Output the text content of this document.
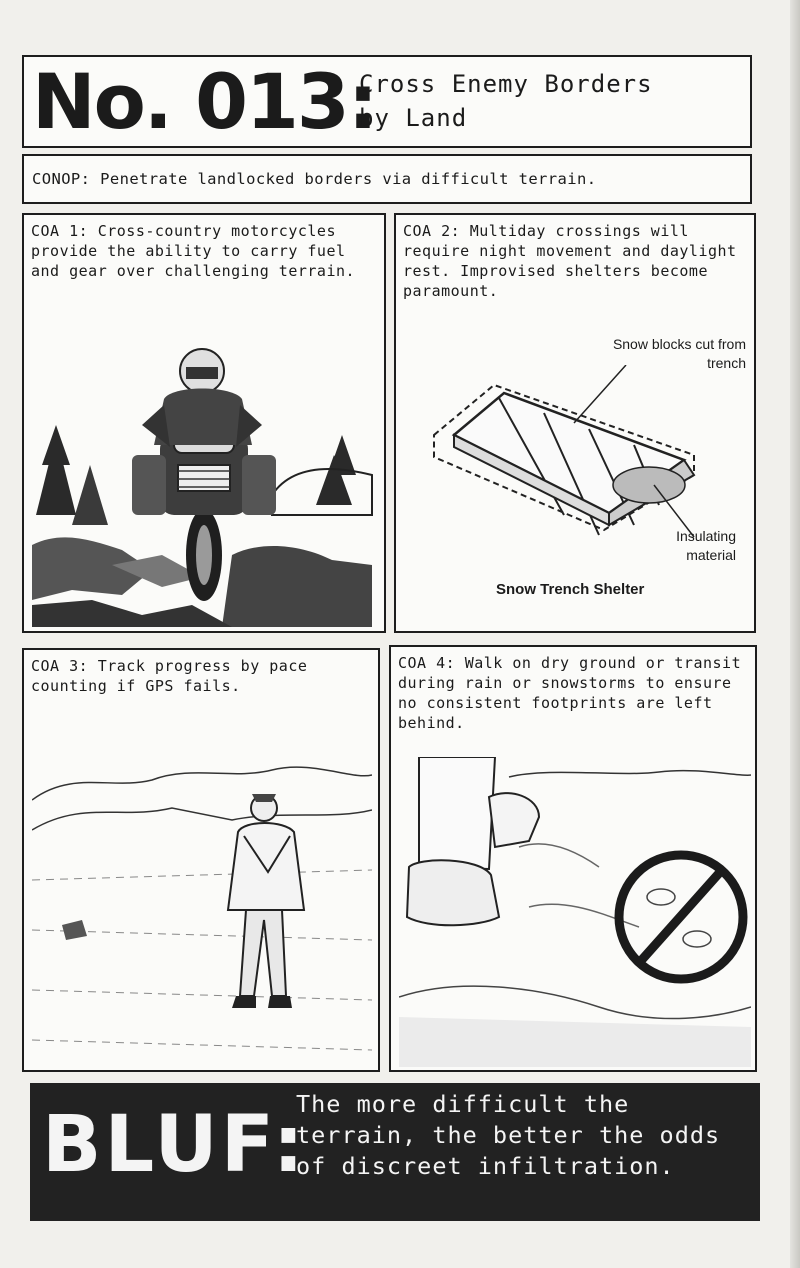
No. 013:
Cross Enemy Borders
by Land
CONOP: Penetrate landlocked borders via difficult terrain.
COA 1: Cross-country motorcycles provide the ability to carry fuel and gear over challenging terrain.
COA 2: Multiday crossings will require night movement and daylight rest. Improvised shelters become paramount.
Snow blocks cut from trench
Insulating material
Snow Trench Shelter
COA 3: Track progress by pace counting if GPS fails.
COA 4: Walk on dry ground or transit during rain or snowstorms to ensure no consistent footprints are left behind.
BLUF:
The more difficult the terrain, the better the odds of discreet infiltration.
